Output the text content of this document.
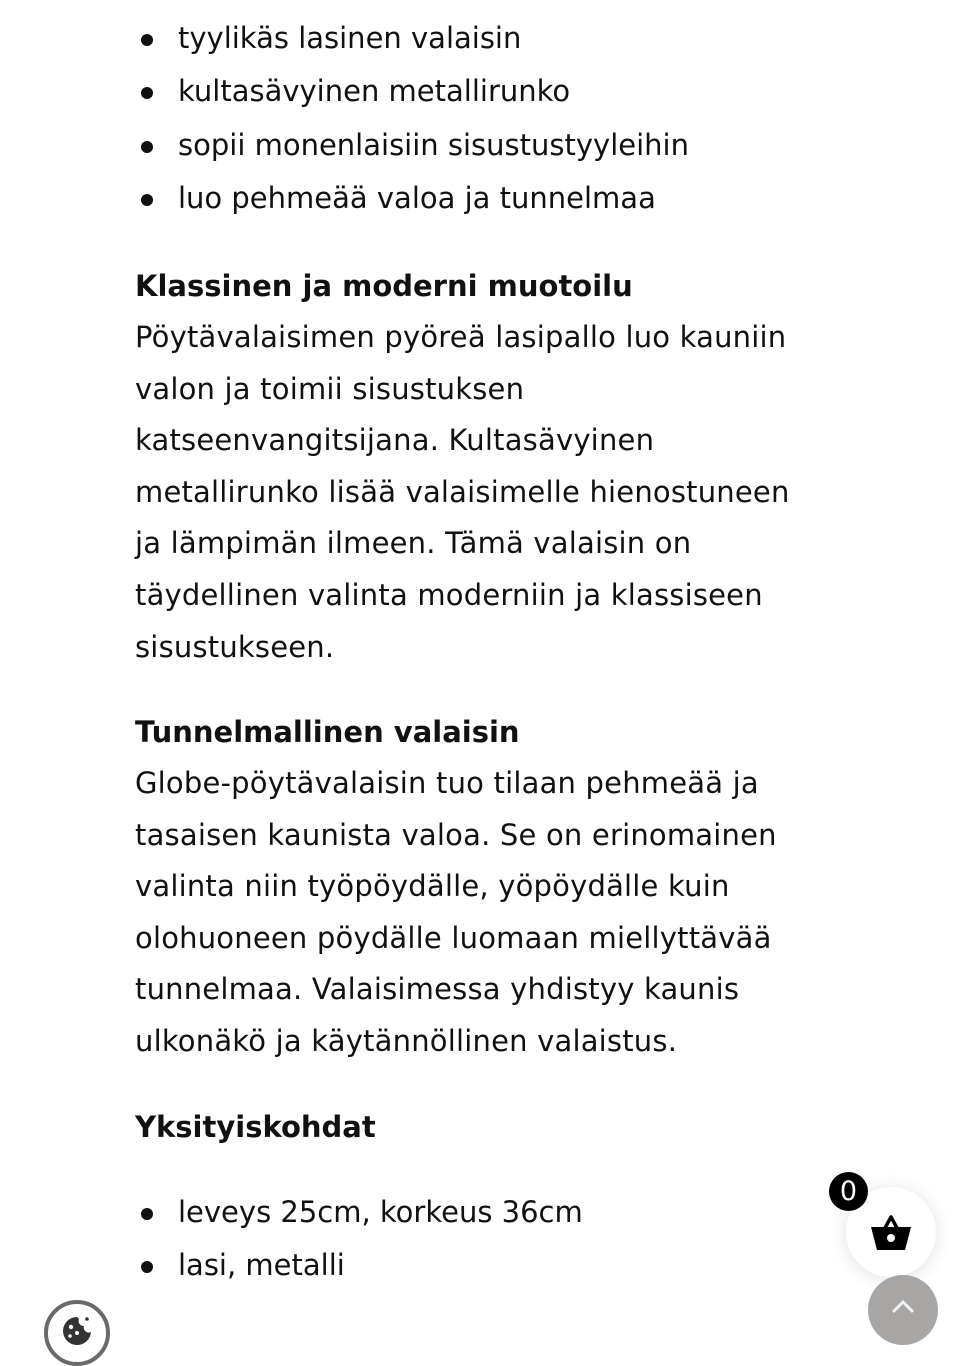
tyylikäs lasinen valaisin
kultasävyinen metallirunko
sopii monenlaisiin sisustustyyleihin
luo pehmeää valoa ja tunnelmaa
Klassinen ja moderni muotoilu

Pöytävalaisimen pyöreä lasipallo luo kauniin
valon ja toimii sisustuksen
katseenvangitsijana. Kultasävyinen
metallirunko lisää valaisimelle hienostuneen
ja lämpimän ilmeen. Tämä valaisin on
täydellinen valinta moderniin ja klassiseen
sisustukseen.

Tunnelmallinen valaisin

Globe-pöytävalaisin tuo tilaan pehmeää ja
tasaisen kaunista valoa. Se on erinomainen
valinta niin työpöydälle, yöpöydälle kuin
olohuoneen pöydälle luomaan miellyttävää
tunnelmaa. Valaisimessa yhdistyy kaunis
ulkonäkö ja käytännöllinen valaistus.

Yksityiskohdat
leveys 25cm, korkeus 36cm
lasi, metalli
0
